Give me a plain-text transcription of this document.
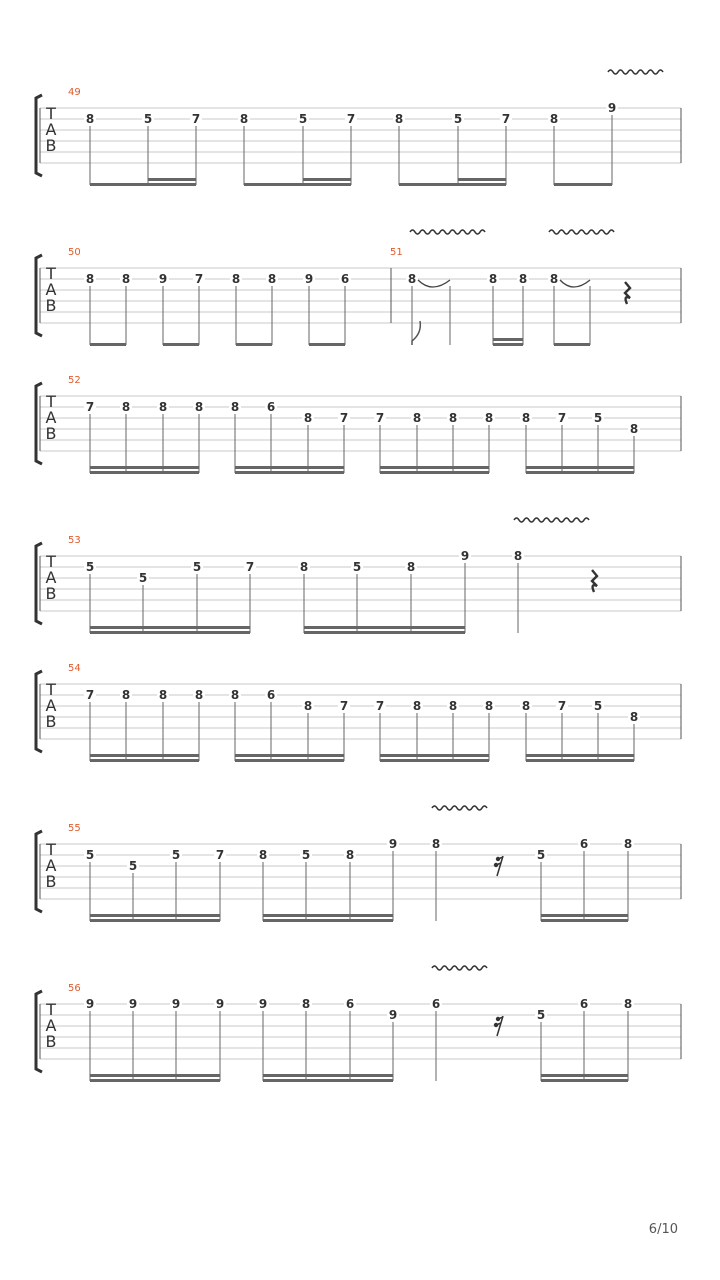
T
A
B
49
8	5	7	8	5	7	8	5	7	8
9
T
A
B
50
8 8 9 7 8 8 9 6
51
8	8 8 8
T
A
B
52
7 8 8 8 8 6
8 7 7 8 8 8 8 7 5
8
T
A
B
53
5
5
5	7	8	5	8
9	8
T
A
B
54
7 8 8 8 8 6
8 7 7 8 8 8 8 7 5
8
T
A
B
55
5
5
5	7	8	5	8
9	8
5
6	8
T
A
B
56
9	9	9	9	9	8	6
9
6
5
6	8
6/10
